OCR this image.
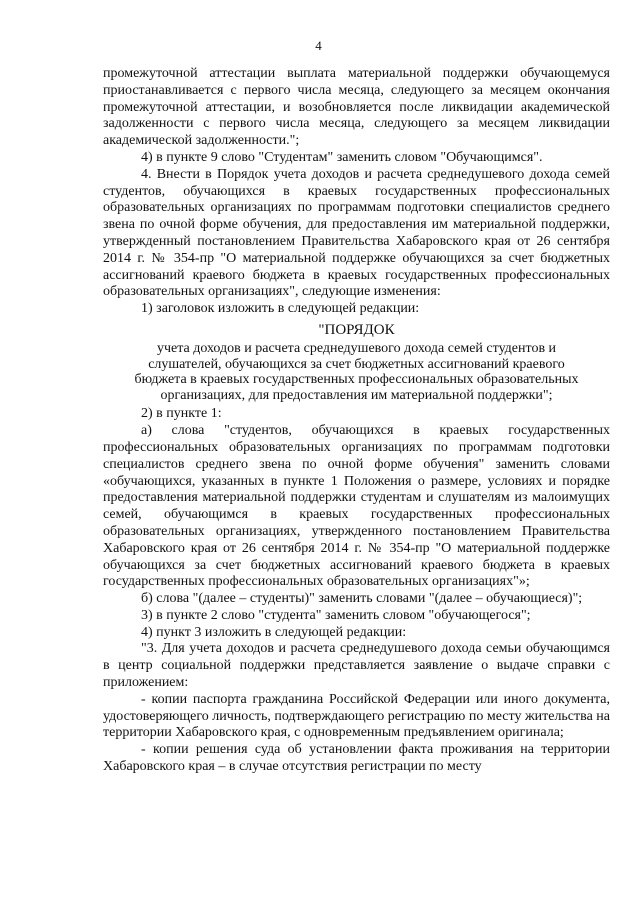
4

промежуточной аттестации выплата материальной поддержки обучающемуся приостанавливается с первого числа месяца, следующего за месяцем окончания промежуточной аттестации, и возобновляется после ликвидации академической задолженности с первого числа месяца, следующего за месяцем ликвидации академической задолженности.";

4) в пункте 9 слово "Студентам" заменить словом "Обучающимся".

4. Внести в Порядок учета доходов и расчета среднедушевого дохода семей студентов, обучающихся в краевых государственных профессиональных образовательных организациях по программам подготовки специалистов среднего звена по очной форме обучения, для предоставления им материальной поддержки, утвержденный постановлением Правительства Хабаровского края от 26 сентября 2014 г. № 354-пр "О материальной поддержке обучающихся за счет бюджетных ассигнований краевого бюджета в краевых государственных профессиональных образовательных организациях", следующие изменения:

1) заголовок изложить в следующей редакции:

"ПОРЯДОК
учета доходов и расчета среднедушевого дохода семей студентов и
слушателей, обучающихся за счет бюджетных ассигнований краевого
бюджета в краевых государственных профессиональных образовательных
организациях, для предоставления им материальной поддержки";

2) в пункте 1:

а) слова "студентов, обучающихся в краевых государственных профессиональных образовательных организациях по программам подготовки специалистов среднего звена по очной форме обучения" заменить словами «обучающихся, указанных в пункте 1 Положения о размере, условиях и порядке предоставления материальной поддержки студентам и слушателям из малоимущих семей, обучающимся в краевых государственных профессиональных образовательных организациях, утвержденного постановлением Правительства Хабаровского края от 26 сентября 2014 г. № 354-пр "О материальной поддержке обучающихся за счет бюджетных ассигнований краевого бюджета в краевых государственных профессиональных образовательных организациях"»;

б) слова "(далее – студенты)" заменить словами "(далее – обучающиеся)";

3) в пункте 2 слово "студента" заменить словом "обучающегося";

4) пункт 3 изложить в следующей редакции:

"3. Для учета доходов и расчета среднедушевого дохода семьи обучающимся в центр социальной поддержки представляется заявление о выдаче справки с приложением:

- копии паспорта гражданина Российской Федерации или иного документа, удостоверяющего личность, подтверждающего регистрацию по месту жительства на территории Хабаровского края, с одновременным предъявлением оригинала;

- копии решения суда об установлении факта проживания на территории Хабаровского края – в случае отсутствия регистрации по месту
